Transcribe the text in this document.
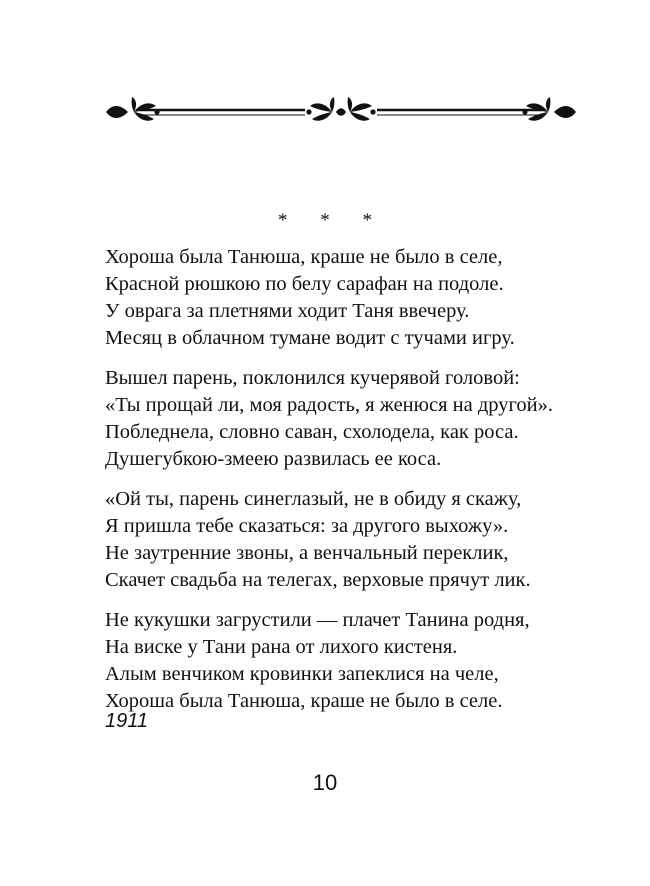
* * *
Хороша была Танюша, краше не было в селе,
Красной рюшкою по белу сарафан на подоле.
У оврага за плетнями ходит Таня ввечеру.
Месяц в облачном тумане водит с тучами игру.
Вышел парень, поклонился кучерявой головой:
«Ты прощай ли, моя радость, я женюся на другой».
Побледнела, словно саван, схолодела, как роса.
Душегубкою-змеею развилась ее коса.
«Ой ты, парень синеглазый, не в обиду я скажу,
Я пришла тебе сказаться: за другого выхожу».
Не заутренние звоны, а венчальный переклик,
Скачет свадьба на телегах, верховые прячут лик.
Не кукушки загрустили — плачет Танина родня,
На виске у Тани рана от лихого кистеня.
Алым венчиком кровинки запеклися на челе,
Хороша была Танюша, краше не было в селе.
1911
10
